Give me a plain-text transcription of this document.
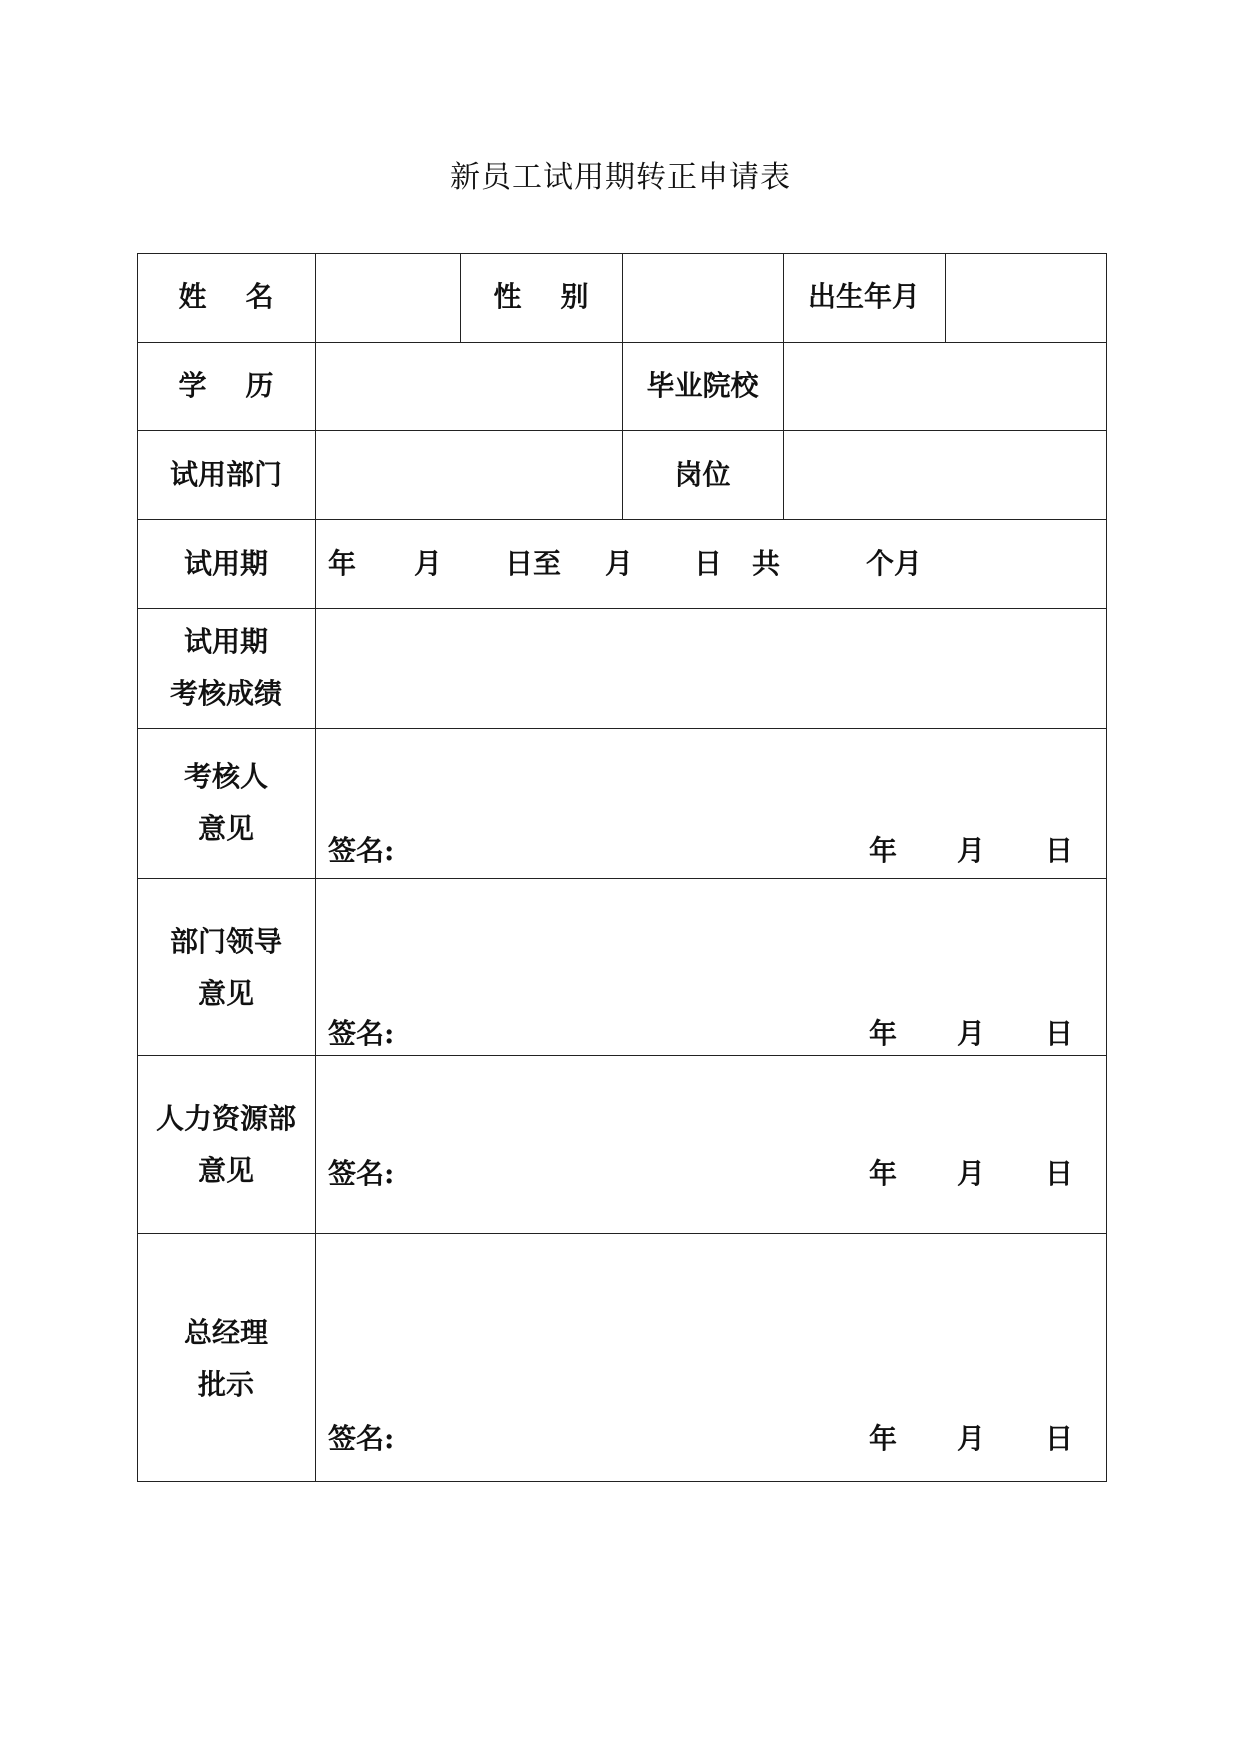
新员工试用期转正申请表
姓    名	性    别	出生年月
学    历	毕业院校
试用部门	岗位
试用期	年 月 日至 月 日 共	个月
试用期
考核成绩
考核人
意见
签名:	年 月 日
部门领导
意见
签名:	年 月 日
人力资源部
意见	签名:	年 月 日
总经理
批示
签名:	年 月 日
